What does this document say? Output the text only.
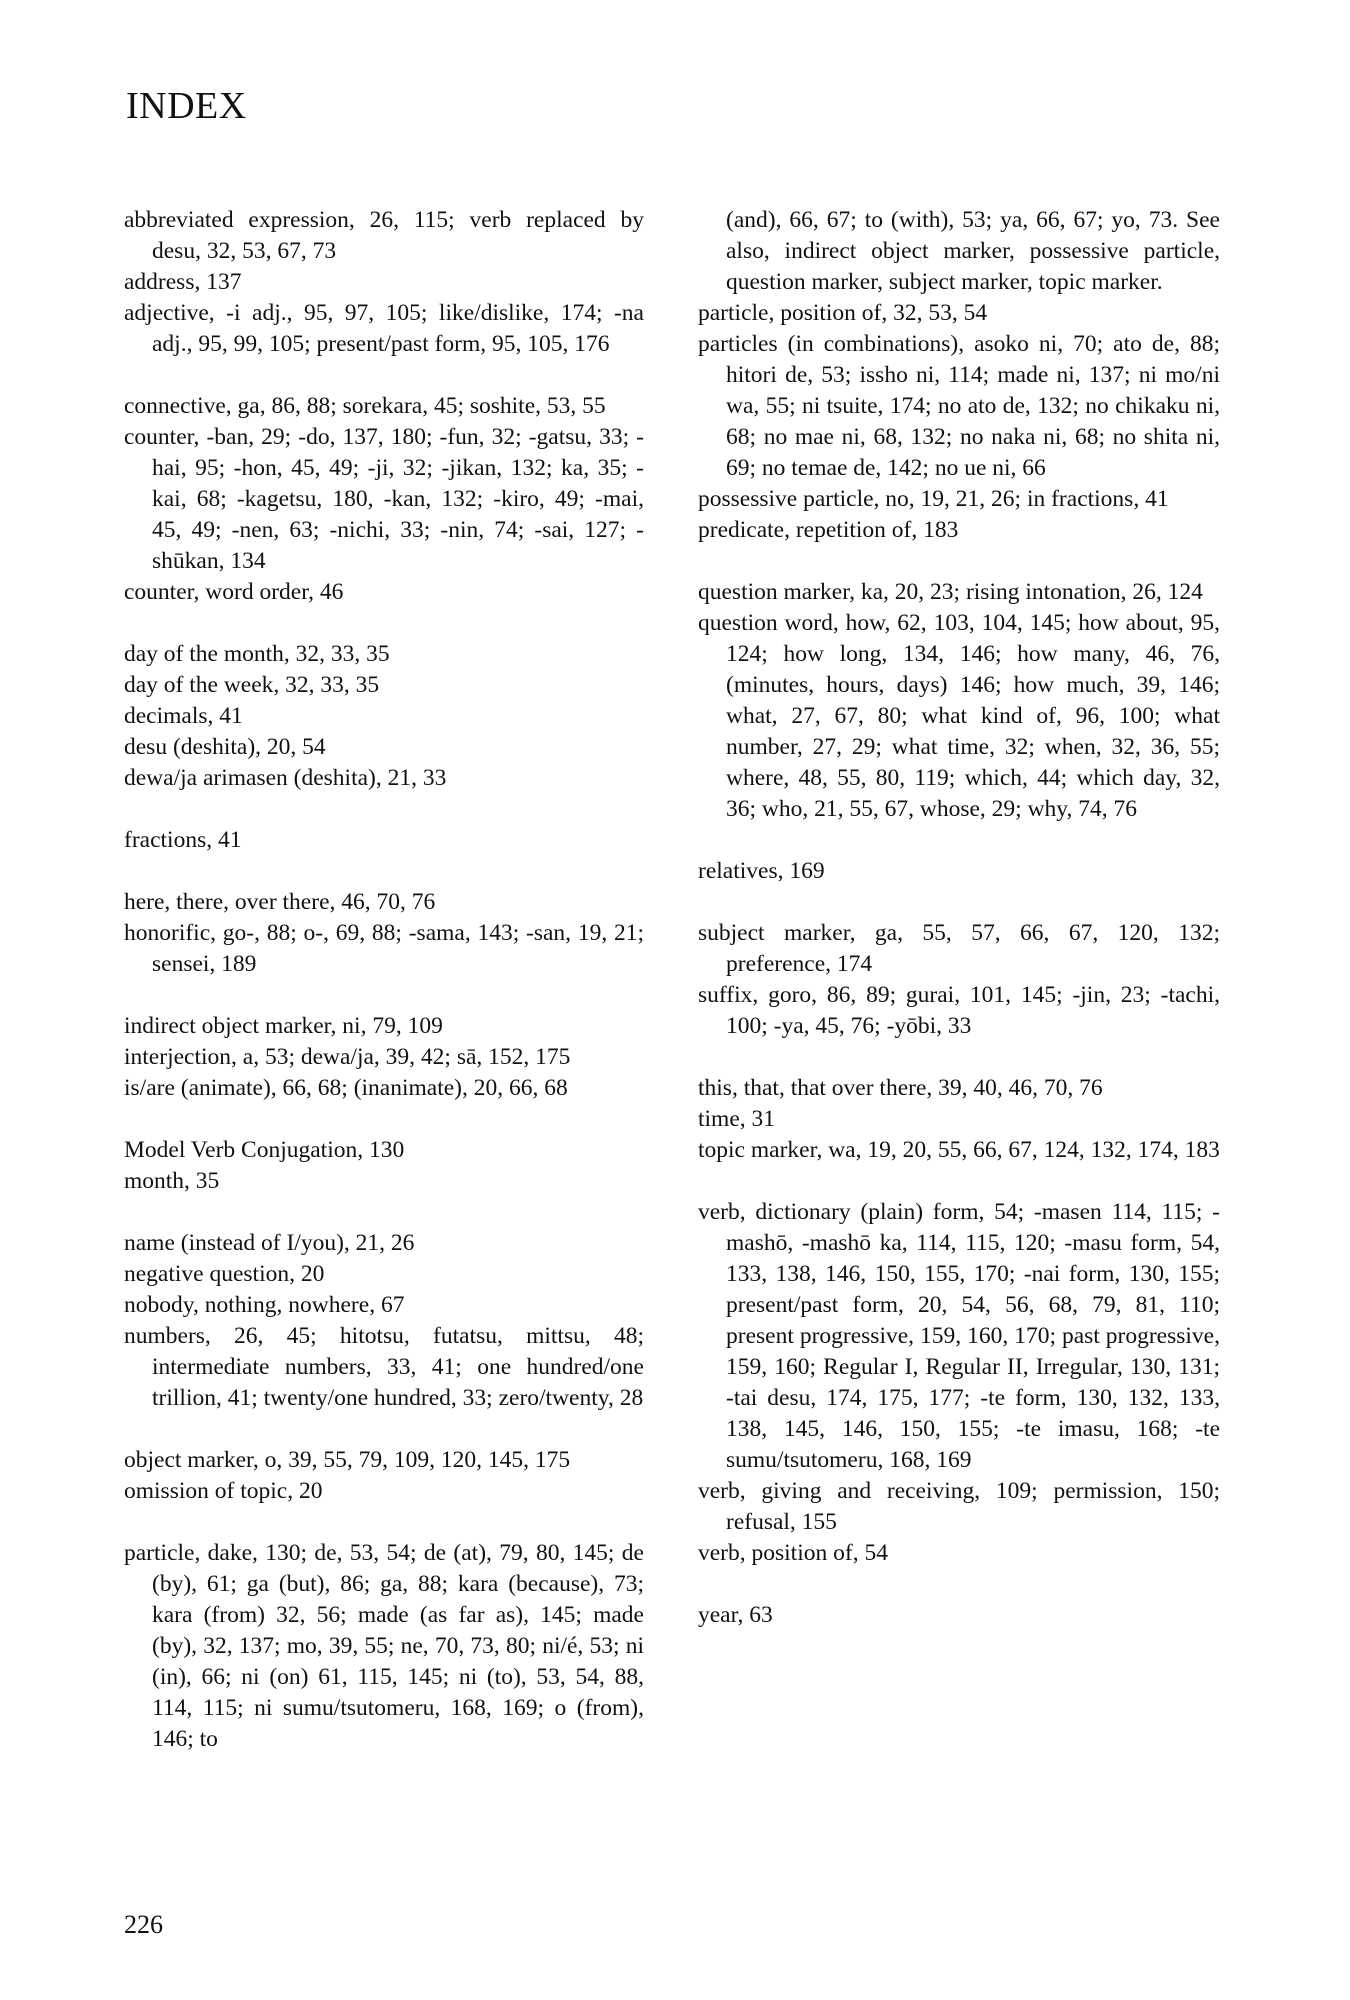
INDEX

abbreviated expression, 26, 115; verb replaced by desu, 32, 53, 67, 73

address, 137

adjective, -i adj., 95, 97, 105; like/dislike, 174; -na adj., 95, 99, 105; present/past form, 95, 105, 176

connective, ga, 86, 88; sorekara, 45; soshite, 53, 55

counter, -ban, 29; -do, 137, 180; -fun, 32; -gatsu, 33; -hai, 95; -hon, 45, 49; -ji, 32; -jikan, 132; ka, 35; -kai, 68; -kagetsu, 180, -kan, 132; -kiro, 49; -mai, 45, 49; -nen, 63; -nichi, 33; -nin, 74; -sai, 127; -shūkan, 134

counter, word order, 46

day of the month, 32, 33, 35

day of the week, 32, 33, 35

decimals, 41

desu (deshita), 20, 54

dewa/ja arimasen (deshita), 21, 33

fractions, 41

here, there, over there, 46, 70, 76

honorific, go-, 88; o-, 69, 88; -sama, 143; -san, 19, 21; sensei, 189

indirect object marker, ni, 79, 109

interjection, a, 53; dewa/ja, 39, 42; sā, 152, 175

is/are (animate), 66, 68; (inanimate), 20, 66, 68

Model Verb Conjugation, 130

month, 35

name (instead of I/you), 21, 26

negative question, 20

nobody, nothing, nowhere, 67

numbers, 26, 45; hitotsu, futatsu, mittsu, 48; intermediate numbers, 33, 41; one hundred/one trillion, 41; twenty/one hundred, 33; zero/twenty, 28

object marker, o, 39, 55, 79, 109, 120, 145, 175

omission of topic, 20

particle, dake, 130; de, 53, 54; de (at), 79, 80, 145; de (by), 61; ga (but), 86; ga, 88; kara (because), 73; kara (from) 32, 56; made (as far as), 145; made (by), 32, 137; mo, 39, 55; ne, 70, 73, 80; ni/é, 53; ni (in), 66; ni (on) 61, 115, 145; ni (to), 53, 54, 88, 114, 115; ni sumu/tsutomeru, 168, 169; o (from), 146; to

(and), 66, 67; to (with), 53; ya, 66, 67; yo, 73. See also, indirect object marker, possessive particle, question marker, subject marker, topic marker.

particle, position of, 32, 53, 54

particles (in combinations), asoko ni, 70; ato de, 88; hitori de, 53; issho ni, 114; made ni, 137; ni mo/ni wa, 55; ni tsuite, 174; no ato de, 132; no chikaku ni, 68; no mae ni, 68, 132; no naka ni, 68; no shita ni, 69; no temae de, 142; no ue ni, 66

possessive particle, no, 19, 21, 26; in fractions, 41

predicate, repetition of, 183

question marker, ka, 20, 23; rising intonation, 26, 124

question word, how, 62, 103, 104, 145; how about, 95, 124; how long, 134, 146; how many, 46, 76, (minutes, hours, days) 146; how much, 39, 146; what, 27, 67, 80; what kind of, 96, 100; what number, 27, 29; what time, 32; when, 32, 36, 55; where, 48, 55, 80, 119; which, 44; which day, 32, 36; who, 21, 55, 67, whose, 29; why, 74, 76

relatives, 169

subject marker, ga, 55, 57, 66, 67, 120, 132; preference, 174

suffix, goro, 86, 89; gurai, 101, 145; -jin, 23; -tachi, 100; -ya, 45, 76; -yōbi, 33

this, that, that over there, 39, 40, 46, 70, 76

time, 31

topic marker, wa, 19, 20, 55, 66, 67, 124, 132, 174, 183

verb, dictionary (plain) form, 54; -masen 114, 115; -mashō, -mashō ka, 114, 115, 120; -masu form, 54, 133, 138, 146, 150, 155, 170; -nai form, 130, 155; present/past form, 20, 54, 56, 68, 79, 81, 110; present progressive, 159, 160, 170; past progressive, 159, 160; Regular I, Regular II, Irregular, 130, 131; -tai desu, 174, 175, 177; -te form, 130, 132, 133, 138, 145, 146, 150, 155; -te imasu, 168; -te sumu/tsutomeru, 168, 169

verb, giving and receiving, 109; permission, 150; refusal, 155

verb, position of, 54

year, 63

226
